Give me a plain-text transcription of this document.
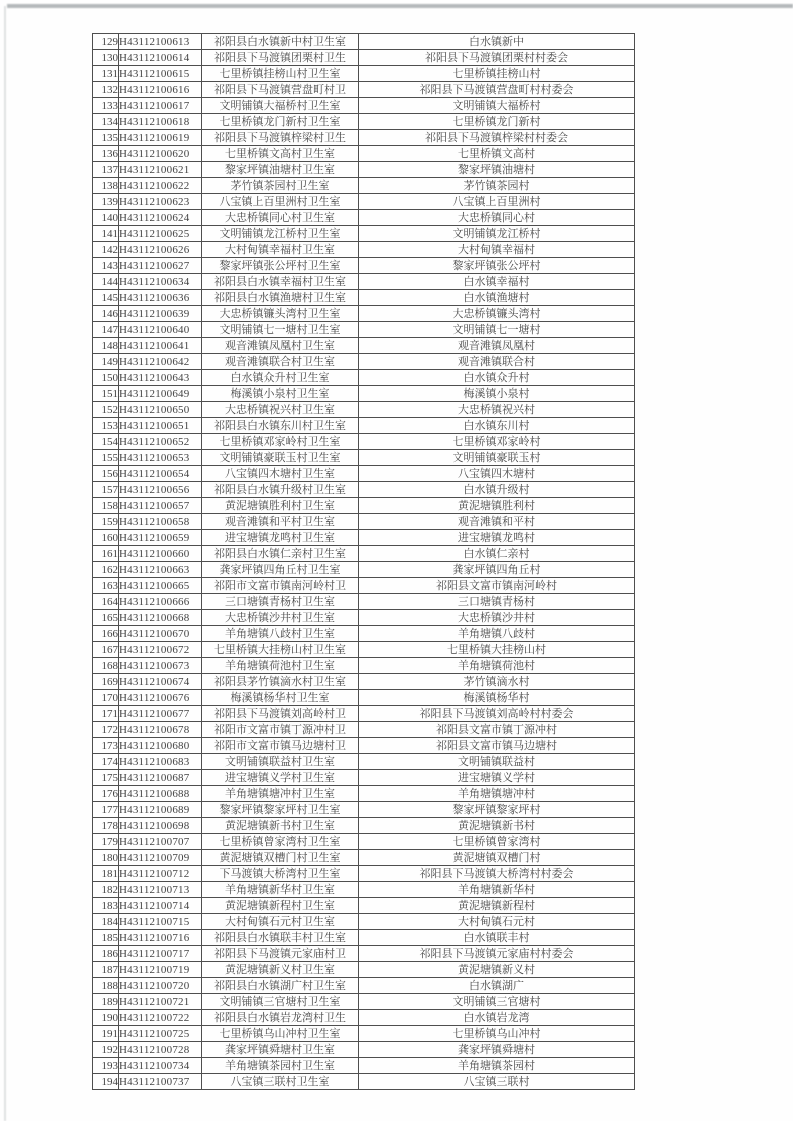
129	H43112100613	祁阳县白水镇新中村卫生室	白水镇新中
130	H43112100614	祁阳县下马渡镇团栗村卫生	祁阳县下马渡镇团栗村村委会
131	H43112100615	七里桥镇挂榜山村卫生室	七里桥镇挂榜山村
132	H43112100616	祁阳县下马渡镇营盘町村卫	祁阳县下马渡镇营盘町村村委会
133	H43112100617	文明铺镇大福桥村卫生室	文明铺镇大福桥村
134	H43112100618	七里桥镇龙门新村卫生室	七里桥镇龙门新村
135	H43112100619	祁阳县下马渡镇梓梁村卫生	祁阳县下马渡镇梓梁村村委会
136	H43112100620	七里桥镇文高村卫生室	七里桥镇文高村
137	H43112100621	黎家坪镇油塘村卫生室	黎家坪镇油塘村
138	H43112100622	茅竹镇茶园村卫生室	茅竹镇茶园村
139	H43112100623	八宝镇上百里洲村卫生室	八宝镇上百里洲村
140	H43112100624	大忠桥镇同心村卫生室	大忠桥镇同心村
141	H43112100625	文明铺镇龙江桥村卫生室	文明铺镇龙江桥村
142	H43112100626	大村甸镇幸福村卫生室	大村甸镇幸福村
143	H43112100627	黎家坪镇张公坪村卫生室	黎家坪镇张公坪村
144	H43112100634	祁阳县白水镇幸福村卫生室	白水镇幸福村
145	H43112100636	祁阳县白水镇渔塘村卫生室	白水镇渔塘村
146	H43112100639	大忠桥镇镰头湾村卫生室	大忠桥镇镰头湾村
147	H43112100640	文明铺镇七一塘村卫生室	文明铺镇七一塘村
148	H43112100641	观音滩镇凤凰村卫生室	观音滩镇凤凰村
149	H43112100642	观音滩镇联合村卫生室	观音滩镇联合村
150	H43112100643	白水镇众升村卫生室	白水镇众升村
151	H43112100649	梅溪镇小泉村卫生室	梅溪镇小泉村
152	H43112100650	大忠桥镇祝兴村卫生室	大忠桥镇祝兴村
153	H43112100651	祁阳县白水镇东川村卫生室	白水镇东川村
154	H43112100652	七里桥镇邓家岭村卫生室	七里桥镇邓家岭村
155	H43112100653	文明铺镇豪联玉村卫生室	文明铺镇豪联玉村
156	H43112100654	八宝镇四木塘村卫生室	八宝镇四木塘村
157	H43112100656	祁阳县白水镇升级村卫生室	白水镇升级村
158	H43112100657	黄泥塘镇胜利村卫生室	黄泥塘镇胜利村
159	H43112100658	观音滩镇和平村卫生室	观音滩镇和平村
160	H43112100659	进宝塘镇龙鸣村卫生室	进宝塘镇龙鸣村
161	H43112100660	祁阳县白水镇仁亲村卫生室	白水镇仁亲村
162	H43112100663	龚家坪镇四角丘村卫生室	龚家坪镇四角丘村
163	H43112100665	祁阳市文富市镇南河岭村卫	祁阳县文富市镇南河岭村
164	H43112100666	三口塘镇青杨村卫生室	三口塘镇青杨村
165	H43112100668	大忠桥镇沙井村卫生室	大忠桥镇沙井村
166	H43112100670	羊角塘镇八歧村卫生室	羊角塘镇八歧村
167	H43112100672	七里桥镇大挂榜山村卫生室	七里桥镇大挂榜山村
168	H43112100673	羊角塘镇荷池村卫生室	羊角塘镇荷池村
169	H43112100674	祁阳县茅竹镇滴水村卫生室	茅竹镇滴水村
170	H43112100676	梅溪镇杨华村卫生室	梅溪镇杨华村
171	H43112100677	祁阳县下马渡镇刘高岭村卫	祁阳县下马渡镇刘高岭村村委会
172	H43112100678	祁阳市文富市镇丁源冲村卫	祁阳县文富市镇丁源冲村
173	H43112100680	祁阳市文富市镇马边塘村卫	祁阳县文富市镇马边塘村
174	H43112100683	文明铺镇联益村卫生室	文明铺镇联益村
175	H43112100687	进宝塘镇义学村卫生室	进宝塘镇义学村
176	H43112100688	羊角塘镇塘冲村卫生室	羊角塘镇塘冲村
177	H43112100689	黎家坪镇黎家坪村卫生室	黎家坪镇黎家坪村
178	H43112100698	黄泥塘镇新书村卫生室	黄泥塘镇新书村
179	H43112100707	七里桥镇曾家湾村卫生室	七里桥镇曾家湾村
180	H43112100709	黄泥塘镇双槽门村卫生室	黄泥塘镇双槽门村
181	H43112100712	下马渡镇大桥湾村卫生室	祁阳县下马渡镇大桥湾村村委会
182	H43112100713	羊角塘镇新华村卫生室	羊角塘镇新华村
183	H43112100714	黄泥塘镇新程村卫生室	黄泥塘镇新程村
184	H43112100715	大村甸镇石元村卫生室	大村甸镇石元村
185	H43112100716	祁阳县白水镇联丰村卫生室	白水镇联丰村
186	H43112100717	祁阳县下马渡镇元家庙村卫	祁阳县下马渡镇元家庙村村委会
187	H43112100719	黄泥塘镇新义村卫生室	黄泥塘镇新义村
188	H43112100720	祁阳县白水镇湖广村卫生室	白水镇湖广
189	H43112100721	文明铺镇三官塘村卫生室	文明铺镇三官塘村
190	H43112100722	祁阳县白水镇岩龙湾村卫生	白水镇岩龙湾
191	H43112100725	七里桥镇乌山冲村卫生室	七里桥镇乌山冲村
192	H43112100728	龚家坪镇舜塘村卫生室	龚家坪镇舜塘村
193	H43112100734	羊角塘镇茶园村卫生室	羊角塘镇茶园村
194	H43112100737	八宝镇三联村卫生室	八宝镇三联村
